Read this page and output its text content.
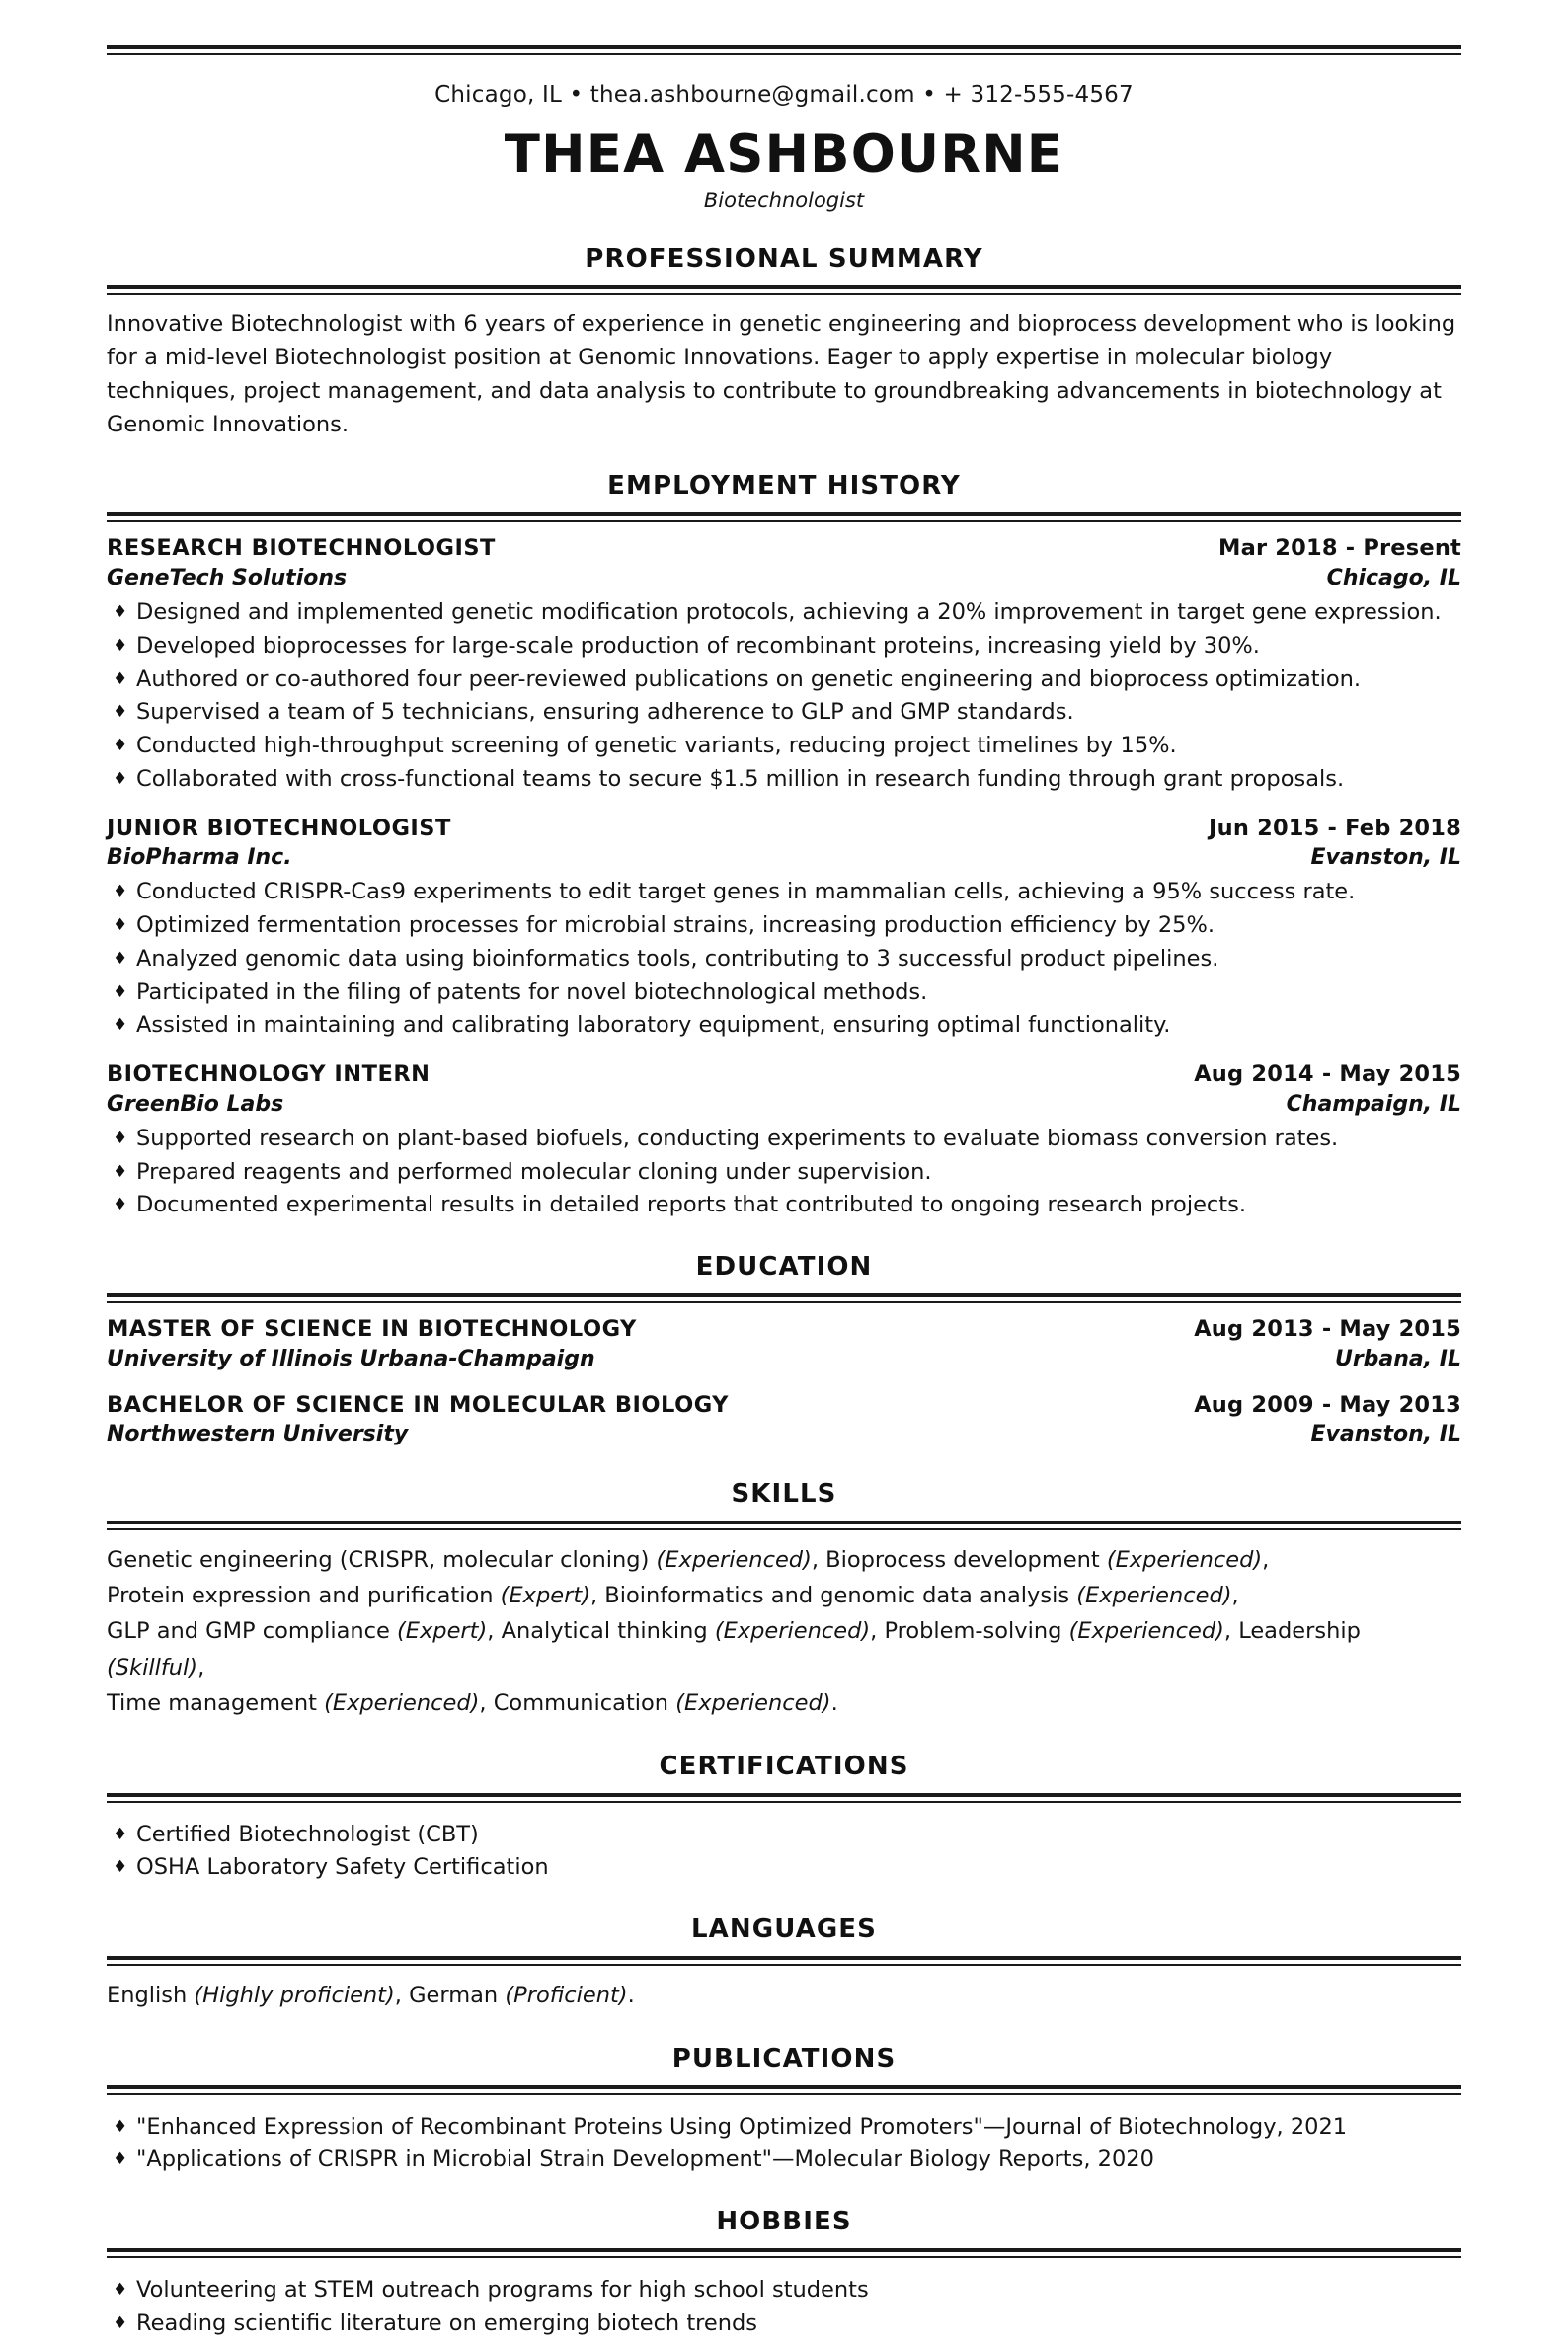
Chicago, IL • thea.ashbourne@gmail.com • + 312-555-4567
THEA ASHBOURNE
Biotechnologist
PROFESSIONAL SUMMARY

Innovative Biotechnologist with 6 years of experience in genetic engineering and bioprocess development who is looking for a mid-level Biotechnologist position at Genomic Innovations. Eager to apply expertise in molecular biology techniques, project management, and data analysis to contribute to groundbreaking advancements in biotechnology at Genomic Innovations.

EMPLOYMENT HISTORY
RESEARCH BIOTECHNOLOGIST	Mar 2018 - Present
GeneTech Solutions	Chicago, IL
♦ Designed and implemented genetic modification protocols, achieving a 20% improvement in target gene expression.
♦ Developed bioprocesses for large-scale production of recombinant proteins, increasing yield by 30%.
♦ Authored or co-authored four peer-reviewed publications on genetic engineering and bioprocess optimization.
♦ Supervised a team of 5 technicians, ensuring adherence to GLP and GMP standards.
♦ Conducted high-throughput screening of genetic variants, reducing project timelines by 15%.
♦ Collaborated with cross-functional teams to secure $1.5 million in research funding through grant proposals.
JUNIOR BIOTECHNOLOGIST	Jun 2015 - Feb 2018
BioPharma Inc.	Evanston, IL
♦ Conducted CRISPR-Cas9 experiments to edit target genes in mammalian cells, achieving a 95% success rate.
♦ Optimized fermentation processes for microbial strains, increasing production efficiency by 25%.
♦ Analyzed genomic data using bioinformatics tools, contributing to 3 successful product pipelines.
♦ Participated in the filing of patents for novel biotechnological methods.
♦ Assisted in maintaining and calibrating laboratory equipment, ensuring optimal functionality.
BIOTECHNOLOGY INTERN	Aug 2014 - May 2015
GreenBio Labs	Champaign, IL
♦ Supported research on plant-based biofuels, conducting experiments to evaluate biomass conversion rates.
♦ Prepared reagents and performed molecular cloning under supervision.
♦ Documented experimental results in detailed reports that contributed to ongoing research projects.
EDUCATION
MASTER OF SCIENCE IN BIOTECHNOLOGY	Aug 2013 - May 2015
University of Illinois Urbana-Champaign	Urbana, IL
BACHELOR OF SCIENCE IN MOLECULAR BIOLOGY	Aug 2009 - May 2013
Northwestern University	Evanston, IL
SKILLS

Genetic engineering (CRISPR, molecular cloning) (Experienced), Bioprocess development (Experienced),

Protein expression and purification (Expert), Bioinformatics and genomic data analysis (Experienced),

GLP and GMP compliance (Expert), Analytical thinking (Experienced), Problem-solving (Experienced), Leadership (Skillful),

Time management (Experienced), Communication (Experienced).

CERTIFICATIONS
♦ Certified Biotechnologist (CBT)
♦ OSHA Laboratory Safety Certification
LANGUAGES

English (Highly proficient), German (Proficient).

PUBLICATIONS
♦ "Enhanced Expression of Recombinant Proteins Using Optimized Promoters"—Journal of Biotechnology, 2021
♦ "Applications of CRISPR in Microbial Strain Development"—Molecular Biology Reports, 2020
HOBBIES
♦ Volunteering at STEM outreach programs for high school students
♦ Reading scientific literature on emerging biotech trends
